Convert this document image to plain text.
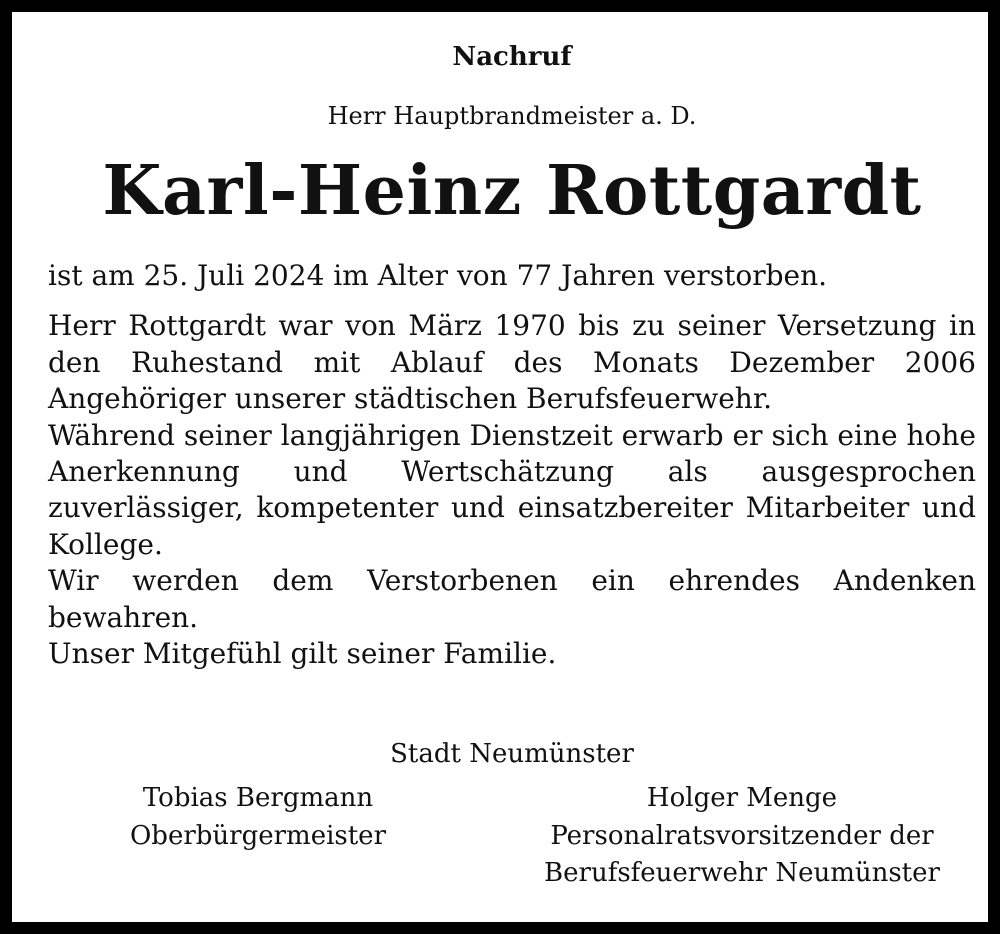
Nachruf
Herr Hauptbrandmeister a. D.
Karl-Heinz Rottgardt

ist am 25. Juli 2024 im Alter von 77 Jahren verstorben.

Herr Rottgardt war von März 1970 bis zu seiner Versetzung in den Ruhestand mit Ablauf des Monats Dezember 2006 Angehöriger unserer städtischen Berufsfeuerwehr.

Während seiner langjährigen Dienstzeit erwarb er sich eine hohe Anerkennung und Wertschätzung als ausgesprochen zuverlässiger, kompetenter und einsatzbereiter Mitarbeiter und Kollege.

Wir werden dem Verstorbenen ein ehrendes Andenken bewahren.

Unser Mitgefühl gilt seiner Familie.

Stadt Neumünster
Tobias Bergmann
Oberbürgermeister
Holger Menge
Personalratsvorsitzender der
Berufsfeuerwehr Neumünster
